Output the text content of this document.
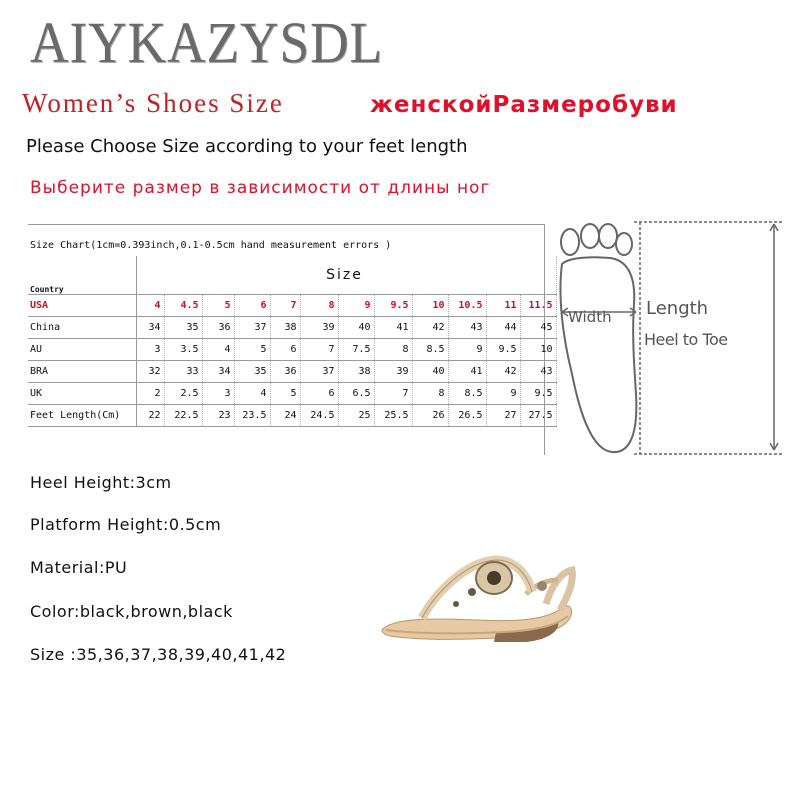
AIYKAZYSDL
Women’s Shoes Size	женскойРазмеробуви
Please Choose Size according to your feet length
Выберите размер в зависимости от длины ног
Size Chart(1cm=0.393inch,0.1-0.5cm hand measurement errors )
Country	Size											
USA	4	4.5	5	6	7	8	9	9.5	10	10.5	11	11.5
China	34	35	36	37	38	39	40	41	42	43	44	45
AU	3	3.5	4	5	6	7	7.5	8	8.5	9	9.5	10
BRA	32	33	34	35	36	37	38	39	40	41	42	43
UK	2	2.5	3	4	5	6	6.5	7	8	8.5	9	9.5
Feet Length(Cm)	22	22.5	23	23.5	24	24.5	25	25.5	26	26.5	27	27.5
Width Length
Heel to Toe
Heel Height:3cm
Platform Height:0.5cm
Material:PU
Color:black,brown,black
Size :35,36,37,38,39,40,41,42
